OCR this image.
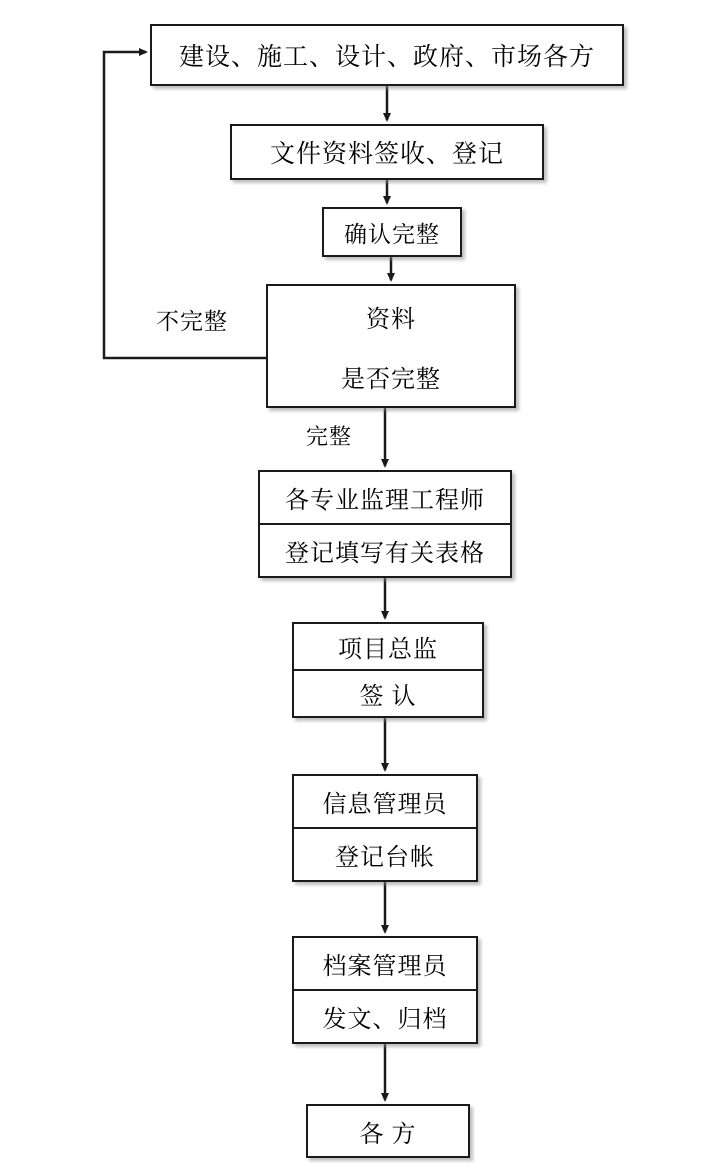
建设、施工、设计、政府、市场各方
文件资料签收、登记
确认完整
资料
是否完整
各专业监理工程师
登记填写有关表格
项目总监
签 认
信息管理员
登记台帐
档案管理员
发文、归档
各 方
不完整
完整
